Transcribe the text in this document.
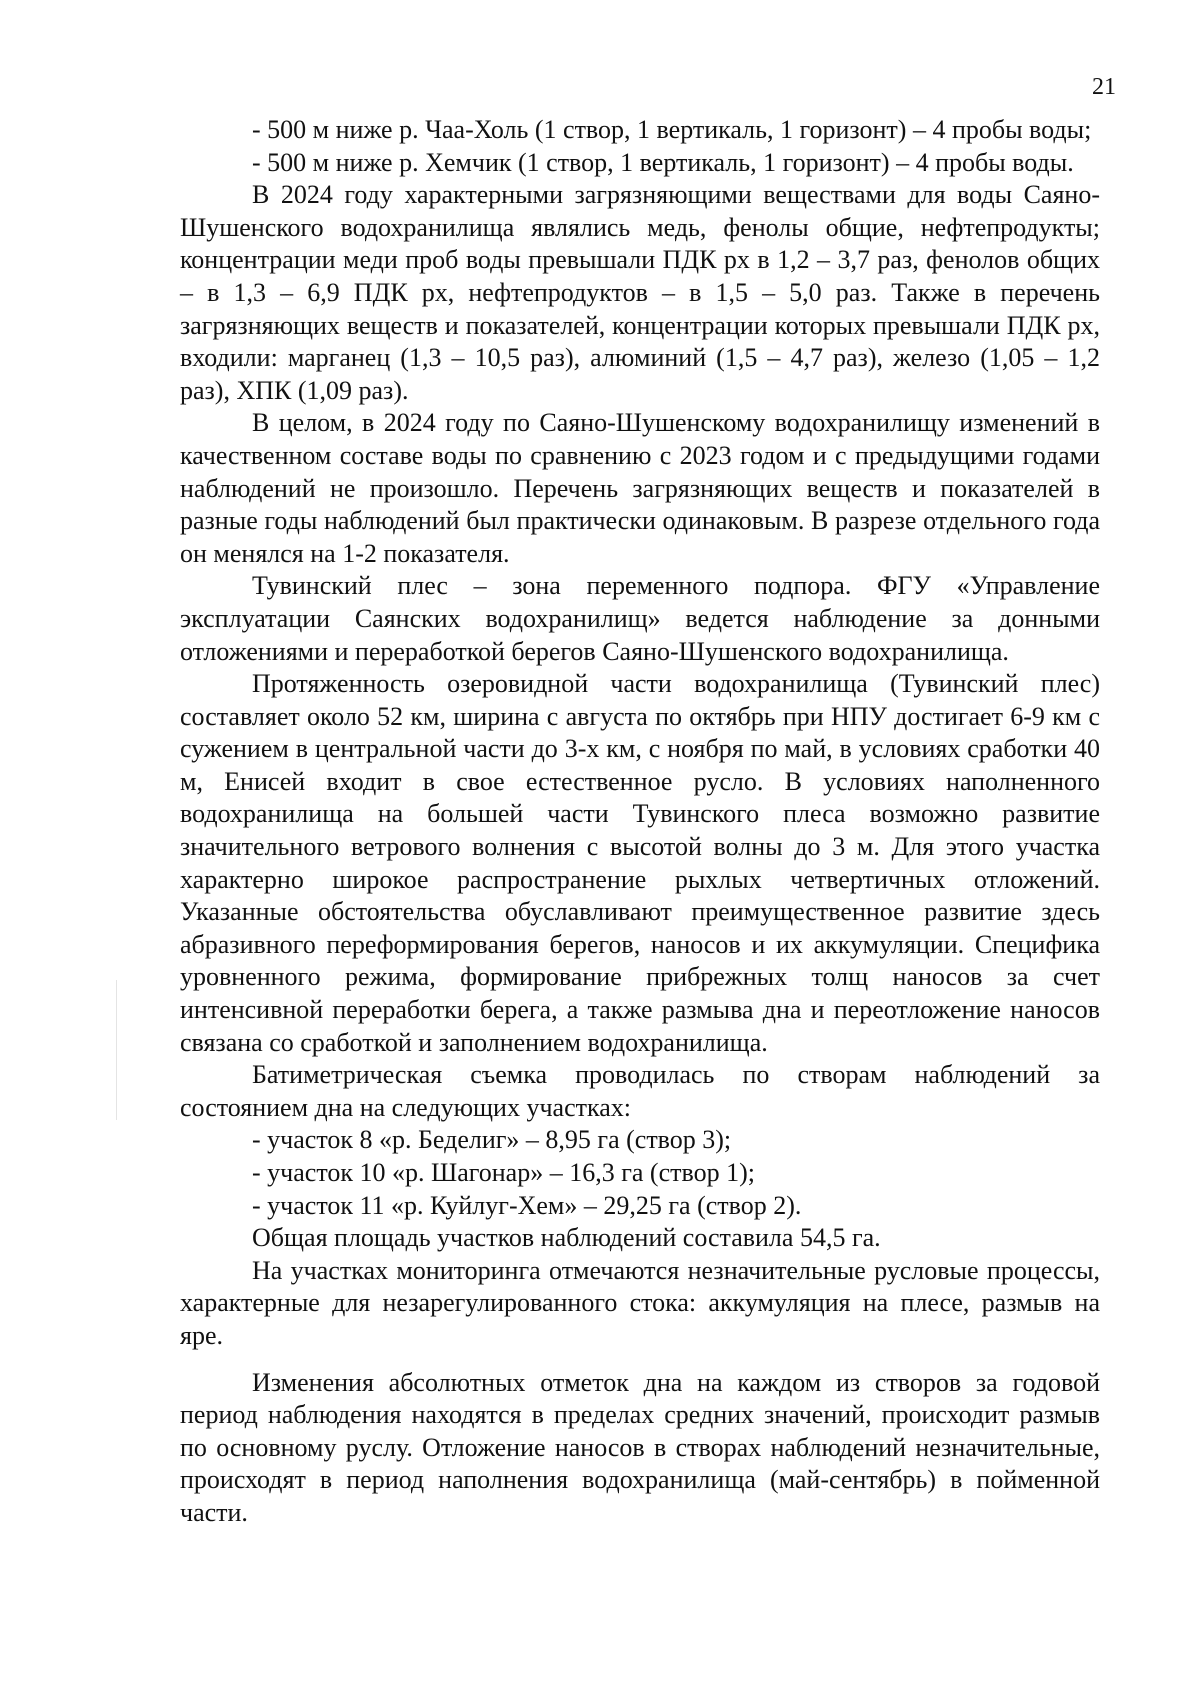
21

- 500 м ниже р. Чаа-Холь (1 створ, 1 вертикаль, 1 горизонт) – 4 пробы воды;

- 500 м ниже р. Хемчик (1 створ, 1 вертикаль, 1 горизонт) – 4 пробы воды.

В 2024 году характерными загрязняющими веществами для воды Саяно-Шушенского водохранилища являлись медь, фенолы общие, нефтепродукты; концентрации меди проб воды превышали ПДК рх в 1,2 – 3,7 раз, фенолов общих – в 1,3 – 6,9 ПДК рх, нефтепродуктов – в 1,5 – 5,0 раз. Также в перечень загрязняющих веществ и показателей, концентрации которых превышали ПДК рх, входили: марганец (1,3 – 10,5 раз), алюминий (1,5 – 4,7 раз), железо (1,05 – 1,2 раз), ХПК (1,09 раз).

В целом, в 2024 году по Саяно-Шушенскому водохранилищу изменений в качественном составе воды по сравнению с 2023 годом и с предыдущими годами наблюдений не произошло. Перечень загрязняющих веществ и показателей в разные годы наблюдений был практически одинаковым. В разрезе отдельного года он менялся на 1-2 показателя.

Тувинский плес – зона переменного подпора. ФГУ «Управление эксплуатации Саянских водохранилищ» ведется наблюдение за донными отложениями и переработкой берегов Саяно-Шушенского водохранилища.

Протяженность озеровидной части водохранилища (Тувинский плес) составляет около 52 км, ширина с августа по октябрь при НПУ достигает 6-9 км с сужением в центральной части до 3-х км, с ноября по май, в условиях сработки 40 м, Енисей входит в свое естественное русло. В условиях наполненного водохранилища на большей части Тувинского плеса возможно развитие значительного ветрового волнения с высотой волны до 3 м. Для этого участка характерно широкое распространение рыхлых четвертичных отложений. Указанные обстоятельства обуславливают преимущественное развитие здесь абразивного переформирования берегов, наносов и их аккумуляции. Специфика уровненного режима, формирование прибрежных толщ наносов за счет интенсивной переработки берега, а также размыва дна и переотложение наносов связана со сработкой и заполнением водохранилища.

Батиметрическая съемка проводилась по створам наблюдений за состоянием дна на следующих участках:

- участок 8 «р. Беделиг» – 8,95 га (створ 3);

- участок 10 «р. Шагонар» – 16,3 га (створ 1);

- участок 11 «р. Куйлуг-Хем» – 29,25 га (створ 2).

Общая площадь участков наблюдений составила 54,5 га.

На участках мониторинга отмечаются незначительные русловые процессы, характерные для незарегулированного стока: аккумуляция на плесе, размыв на яре.

Изменения абсолютных отметок дна на каждом из створов за годовой период наблюдения находятся в пределах средних значений, происходит размыв по основному руслу. Отложение наносов в створах наблюдений незначительные, происходят в период наполнения водохранилища (май-сентябрь) в пойменной части.
